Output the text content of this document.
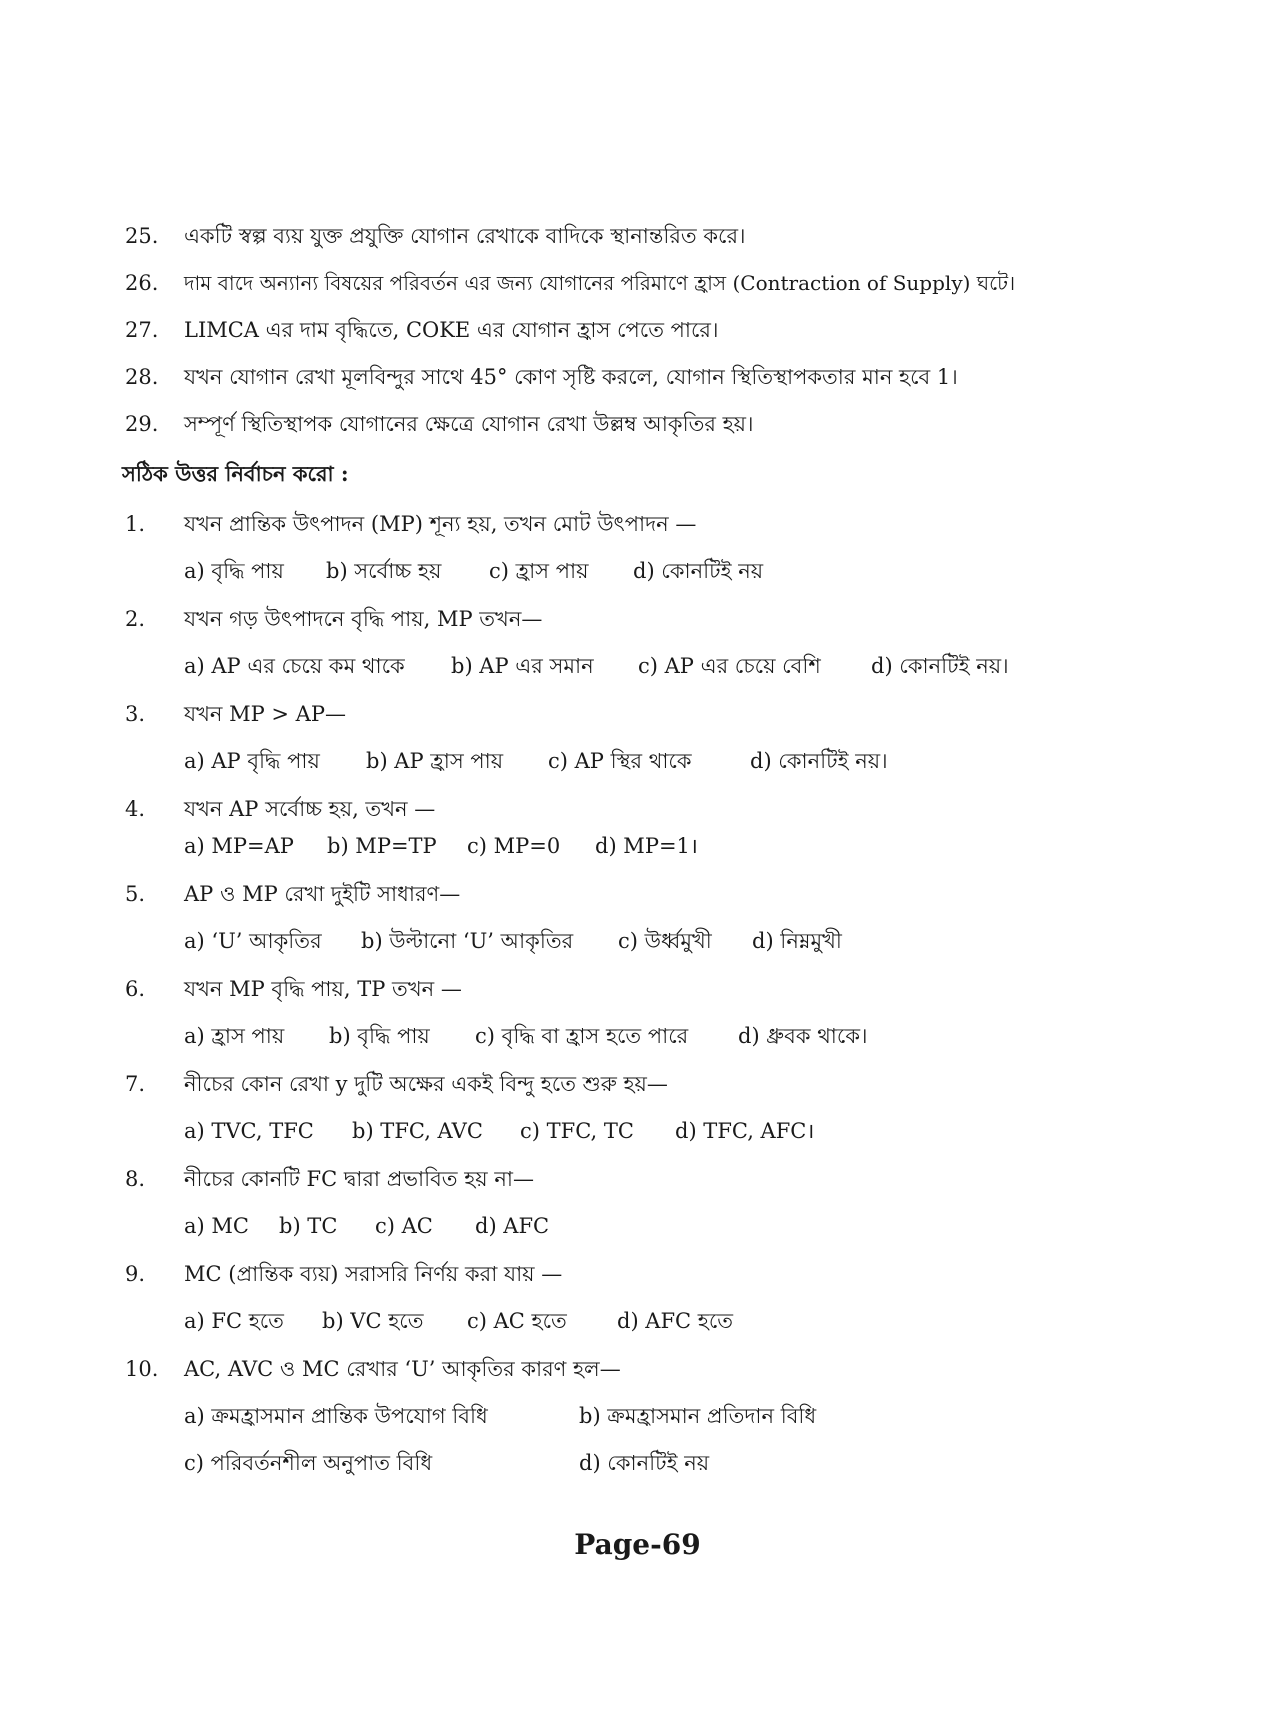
25. একটি স্বল্প ব্যয় যুক্ত প্রযুক্তি যোগান রেখাকে বাদিকে স্থানান্তরিত করে।
26. দাম বাদে অন্যান্য বিষয়ের পরিবর্তন এর জন্য যোগানের পরিমাণে হ্রাস (Contraction of Supply) ঘটে।
27. LIMCA এর দাম বৃদ্ধিতে, COKE এর যোগান হ্রাস পেতে পারে।
28. যখন যোগান রেখা মূলবিন্দুর সাথে 45° কোণ সৃষ্টি করলে, যোগান স্থিতিস্থাপকতার মান হবে 1।
29. সম্পূর্ণ স্থিতিস্থাপক যোগানের ক্ষেত্রে যোগান রেখা উল্লম্ব আকৃতির হয়।
সঠিক উত্তর নির্বাচন করো :
1. যখন প্রান্তিক উৎপাদন (MP) শূন্য হয়, তখন মোট উৎপাদন —
a) বৃদ্ধি পায় b) সর্বোচ্চ হয় c) হ্রাস পায় d) কোনটিই নয়
2. যখন গড় উৎপাদনে বৃদ্ধি পায়, MP তখন—
a) AP এর চেয়ে কম থাকে b) AP এর সমান c) AP এর চেয়ে বেশি d) কোনটিই নয়।
3. যখন MP > AP—
a) AP বৃদ্ধি পায় b) AP হ্রাস পায় c) AP স্থির থাকে	d) কোনটিই নয়।
4. যখন AP সর্বোচ্চ হয়, তখন —
a) MP=AP b) MP=TP c) MP=0 d) MP=1।
5. AP ও MP রেখা দুইটি সাধারণ—
a) ‘U’ আকৃতির b) উল্টানো ‘U’ আকৃতির c) উর্ধ্বমুখী d) নিম্নমুখী
6. যখন MP বৃদ্ধি পায়, TP তখন —
a) হ্রাস পায় b) বৃদ্ধি পায় c) বৃদ্ধি বা হ্রাস হতে পারে d) ধ্রুবক থাকে।
7. নীচের কোন রেখা y দুটি অক্ষের একই বিন্দু হতে শুরু হয়—
a) TVC, TFC b) TFC, AVC c) TFC, TC d) TFC, AFC।
8. নীচের কোনটি FC দ্বারা প্রভাবিত হয় না—
a) MC b) TC c) AC d) AFC
9. MC (প্রান্তিক ব্যয়) সরাসরি নির্ণয় করা যায় —
a) FC হতে b) VC হতে c) AC হতে d) AFC হতে
10. AC, AVC ও MC রেখার ‘U’ আকৃতির কারণ হল—
a) ক্রমহ্রাসমান প্রান্তিক উপযোগ বিধি	b) ক্রমহ্রাসমান প্রতিদান বিধি
c) পরিবর্তনশীল অনুপাত বিধি	d) কোনটিই নয়
Page-69
